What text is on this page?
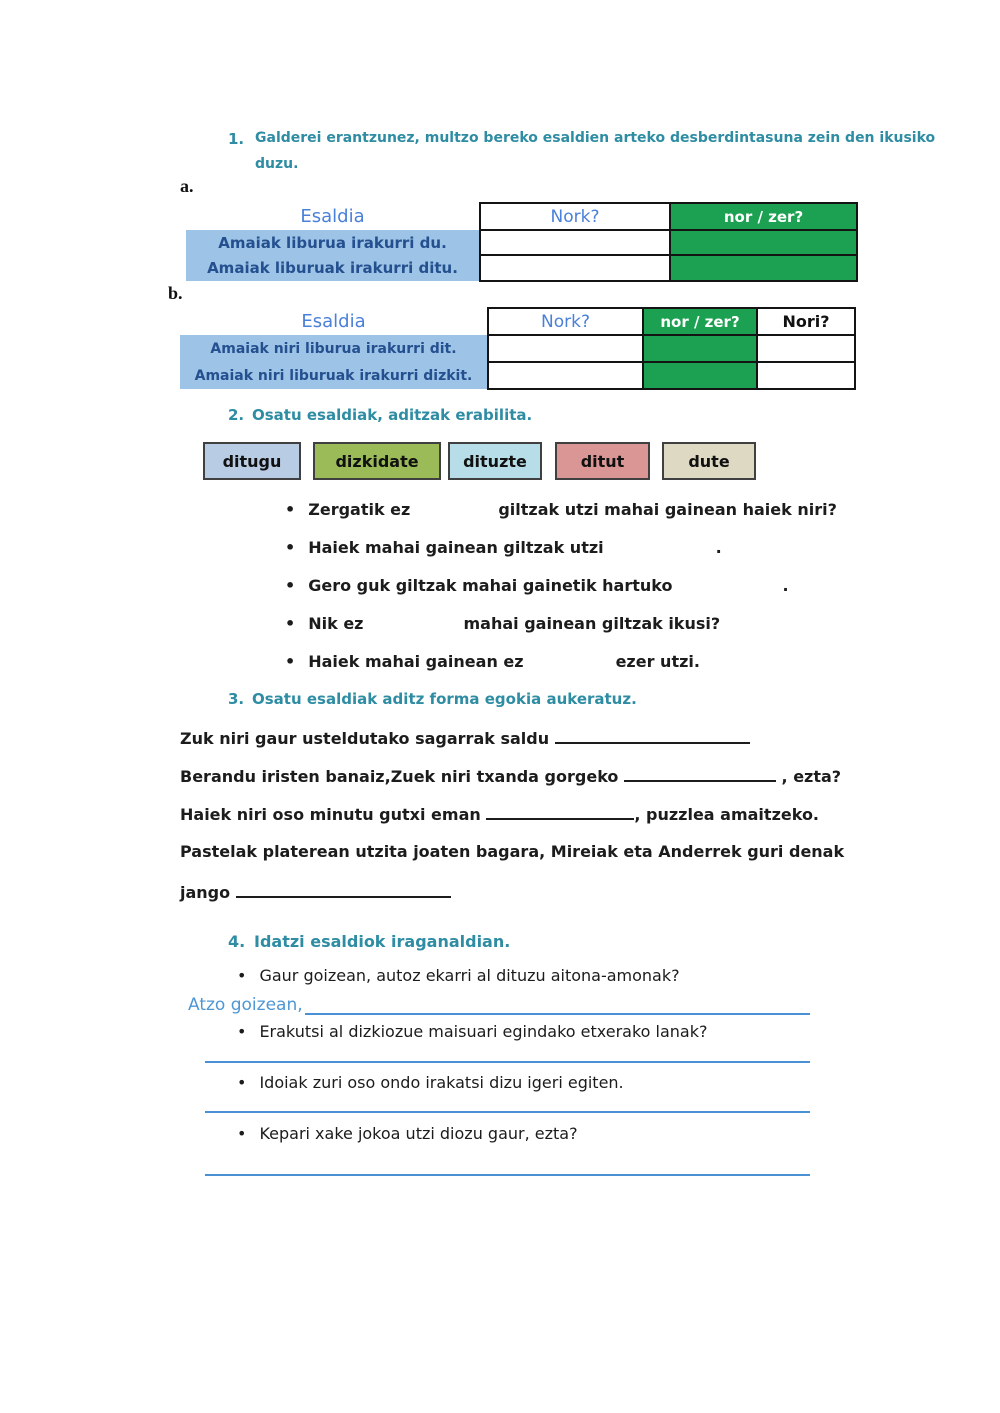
1. Galderei erantzunez, multzo bereko esaldien arteko desberdintasuna zein den ikusiko
duzu.
a.
Esaldia	Nork?	nor / zer?
Amaiak liburua irakurri du.		
Amaiak liburuak irakurri ditu.		
b.
Esaldia	Nork?	nor / zer?	Nori?
Amaiak niri liburua irakurri dit.			
Amaiak niri liburuak irakurri dizkit.			
2. Osatu esaldiak, aditzak erabilita.
ditugu	dizkidate	dituzte	ditut	dute
• Zergatik ez	giltzak utzi mahai gainean haiek niri?
• Haiek mahai gainean giltzak utzi	.
• Gero guk giltzak mahai gainetik hartuko	.
• Nik ez	mahai gainean giltzak ikusi?
• Haiek mahai gainean ez	ezer utzi.
3. Osatu esaldiak aditz forma egokia aukeratuz.
Zuk niri gaur usteldutako sagarrak saldu
Berandu iristen banaiz,Zuek niri txanda gorgeko	, ezta?
Haiek niri oso minutu gutxi eman	, puzzlea amaitzeko.
Pastelak platerean utzita joaten bagara, Mireiak eta Anderrek guri denak
jango
4. Idatzi esaldiok iraganaldian.
• Gaur goizean, autoz ekarri al dituzu aitona-amonak?
Atzo goizean,
• Erakutsi al dizkiozue maisuari egindako etxerako lanak?
• Idoiak zuri oso ondo irakatsi dizu igeri egiten.
• Kepari xake jokoa utzi diozu gaur, ezta?
